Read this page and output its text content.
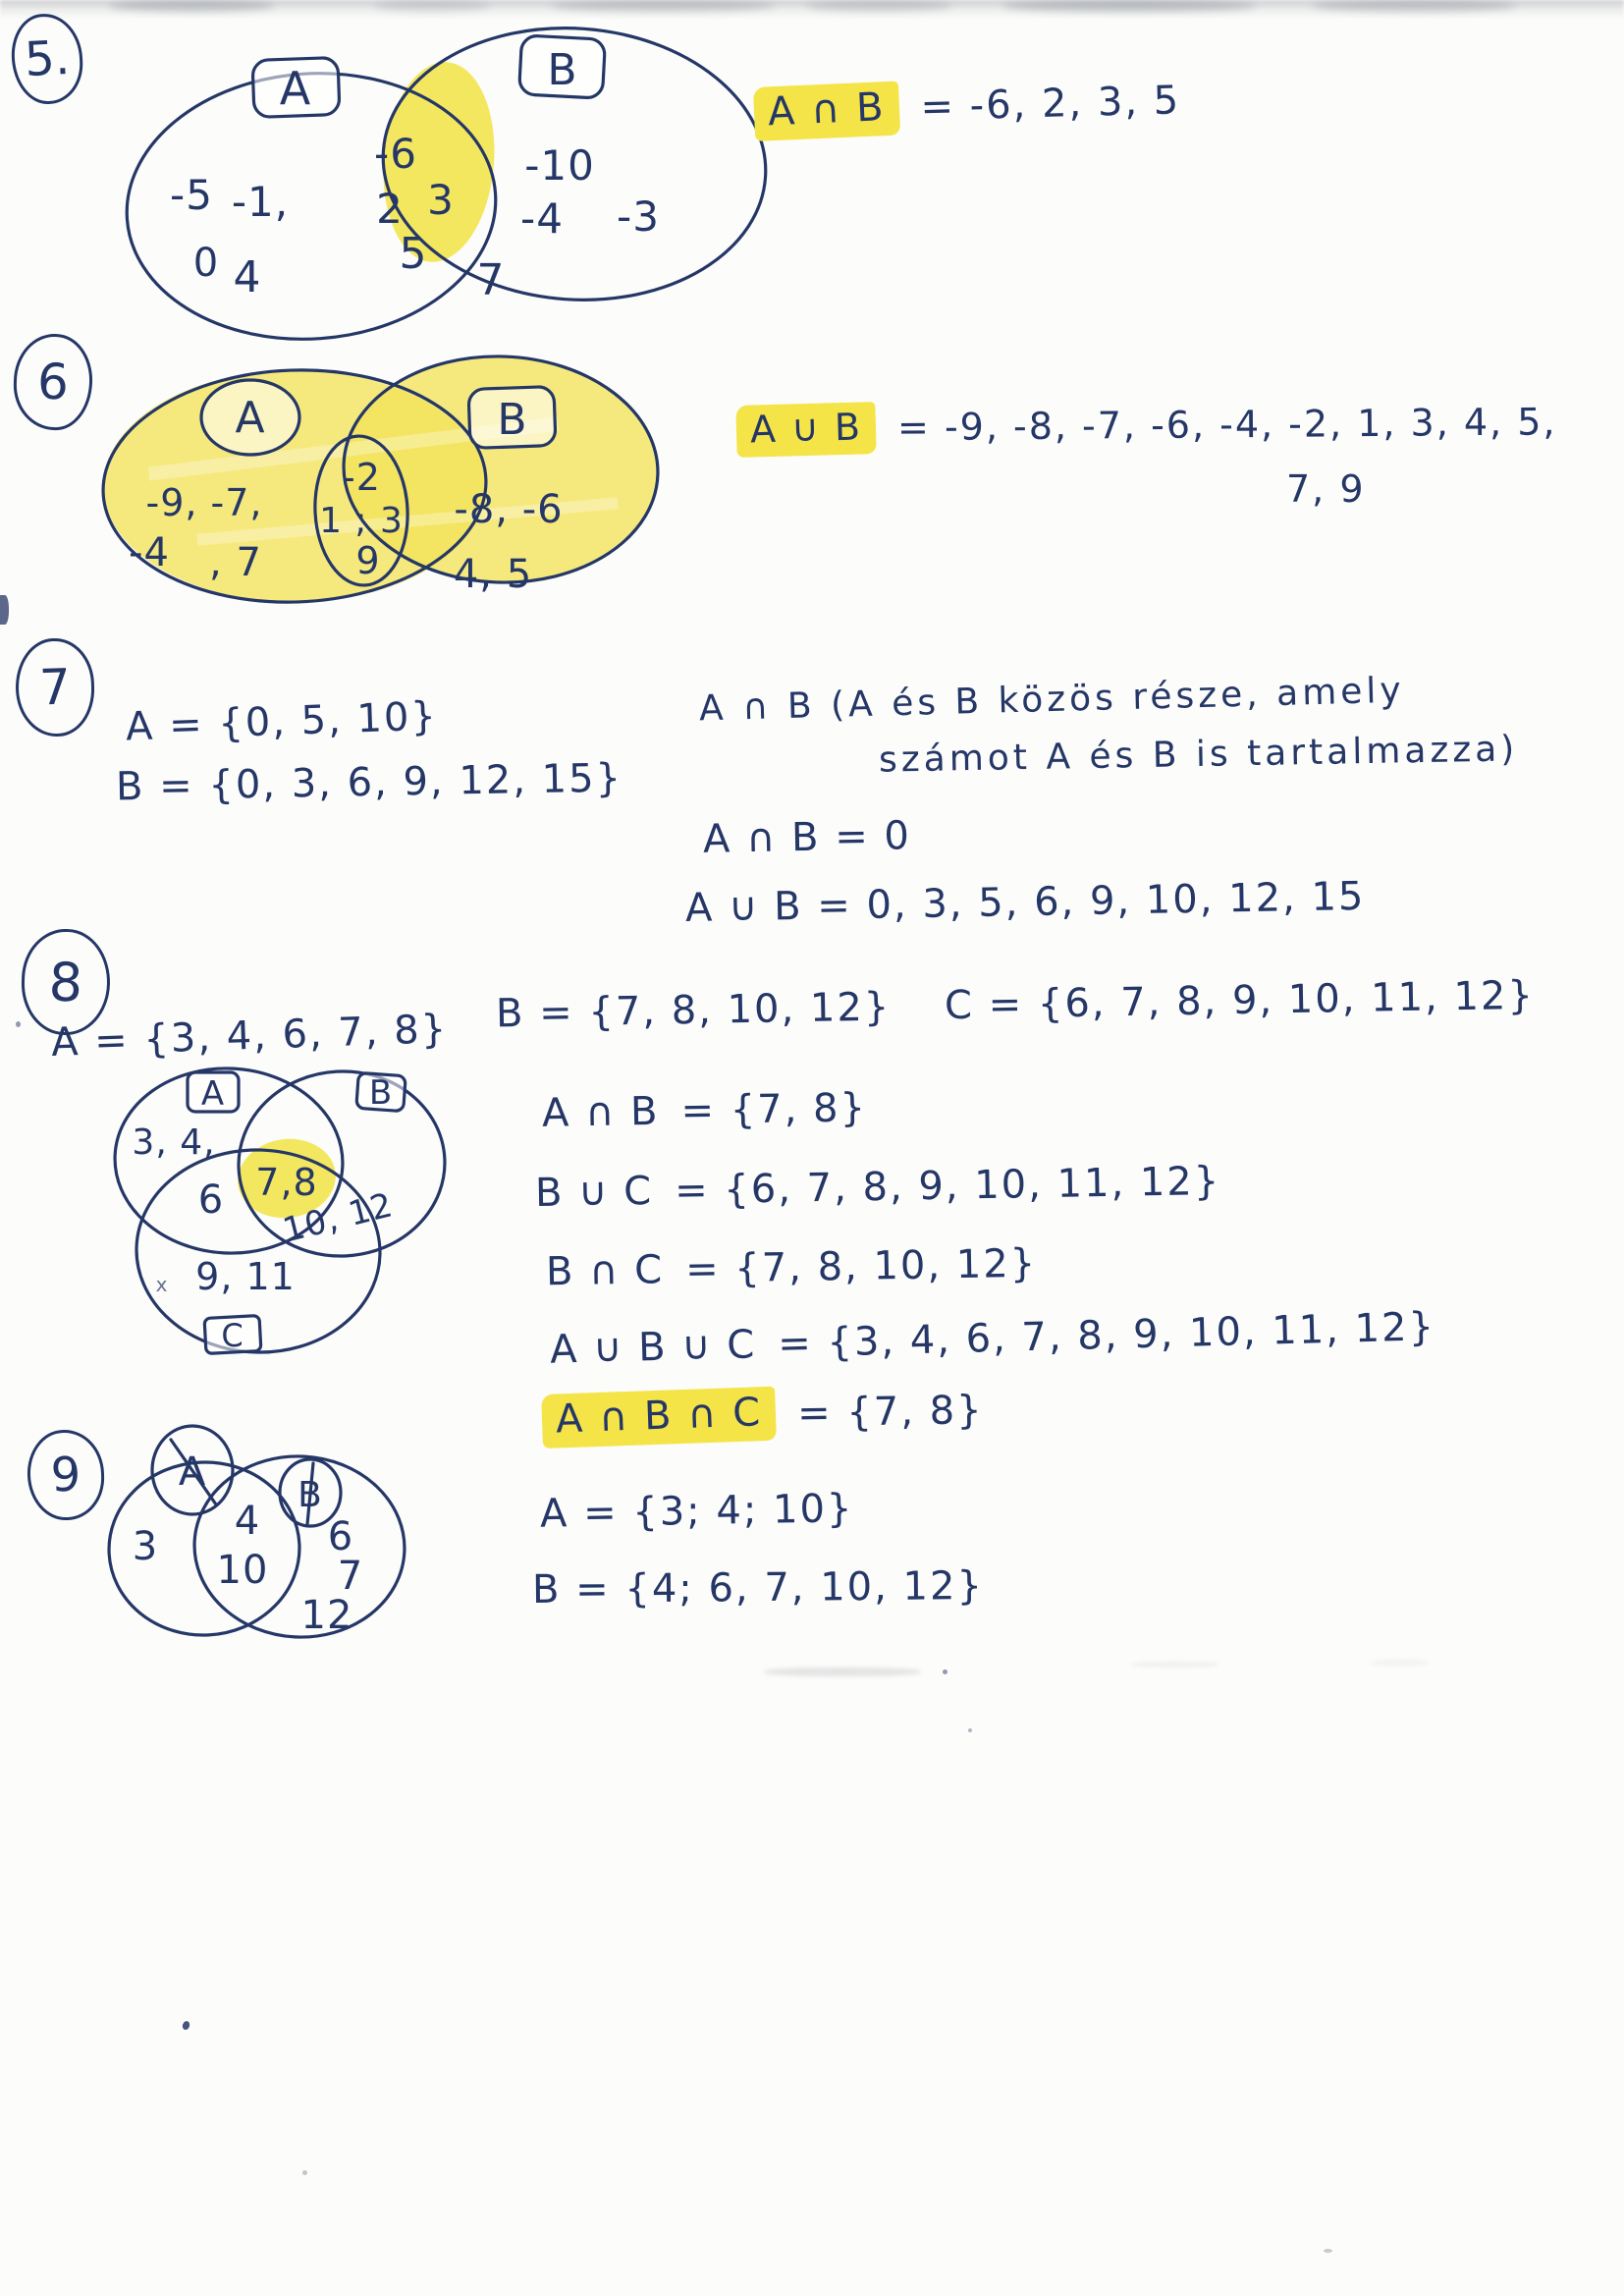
5.
A	B
-5 -1,
0 4
-6
2 3
5
-10
-4 -3
7
A ∩ B = -6, 2, 3, 5
6
A	B
-9, -7,
-4 , 7
-2
1 ; 3
9
-8, -6
4, 5
A ∪ B = -9, -8, -7, -6, -4, -2, 1, 3, 4, 5,
7, 9
7
A = {0, 5, 10}
B = {0, 3, 6, 9, 12, 15}
A ∩ B (A és B közös része, amely
számot A és B is tartalmazza)
A ∩ B = 0
A ∪ B = 0, 3, 5, 6, 9, 10, 12, 15
8
A = {3, 4, 6, 7, 8} B = {7, 8, 10, 12} C = {6, 7, 8, 9, 10, 11, 12}
A	B
C
3, 4,
6 7,8
10, 12
9, 11
x
A ∩ B = {7, 8}
B ∪ C = {6, 7, 8, 9, 10, 11, 12}
B ∩ C = {7, 8, 10, 12}
A ∪ B ∪ C = {3, 4, 6, 7, 8, 9, 10, 11, 12}
A ∩ B ∩ C = {7, 8}
9 A
B
3
4
10
6
7
12
A = {3; 4; 10}
B = {4; 6, 7, 10, 12}
